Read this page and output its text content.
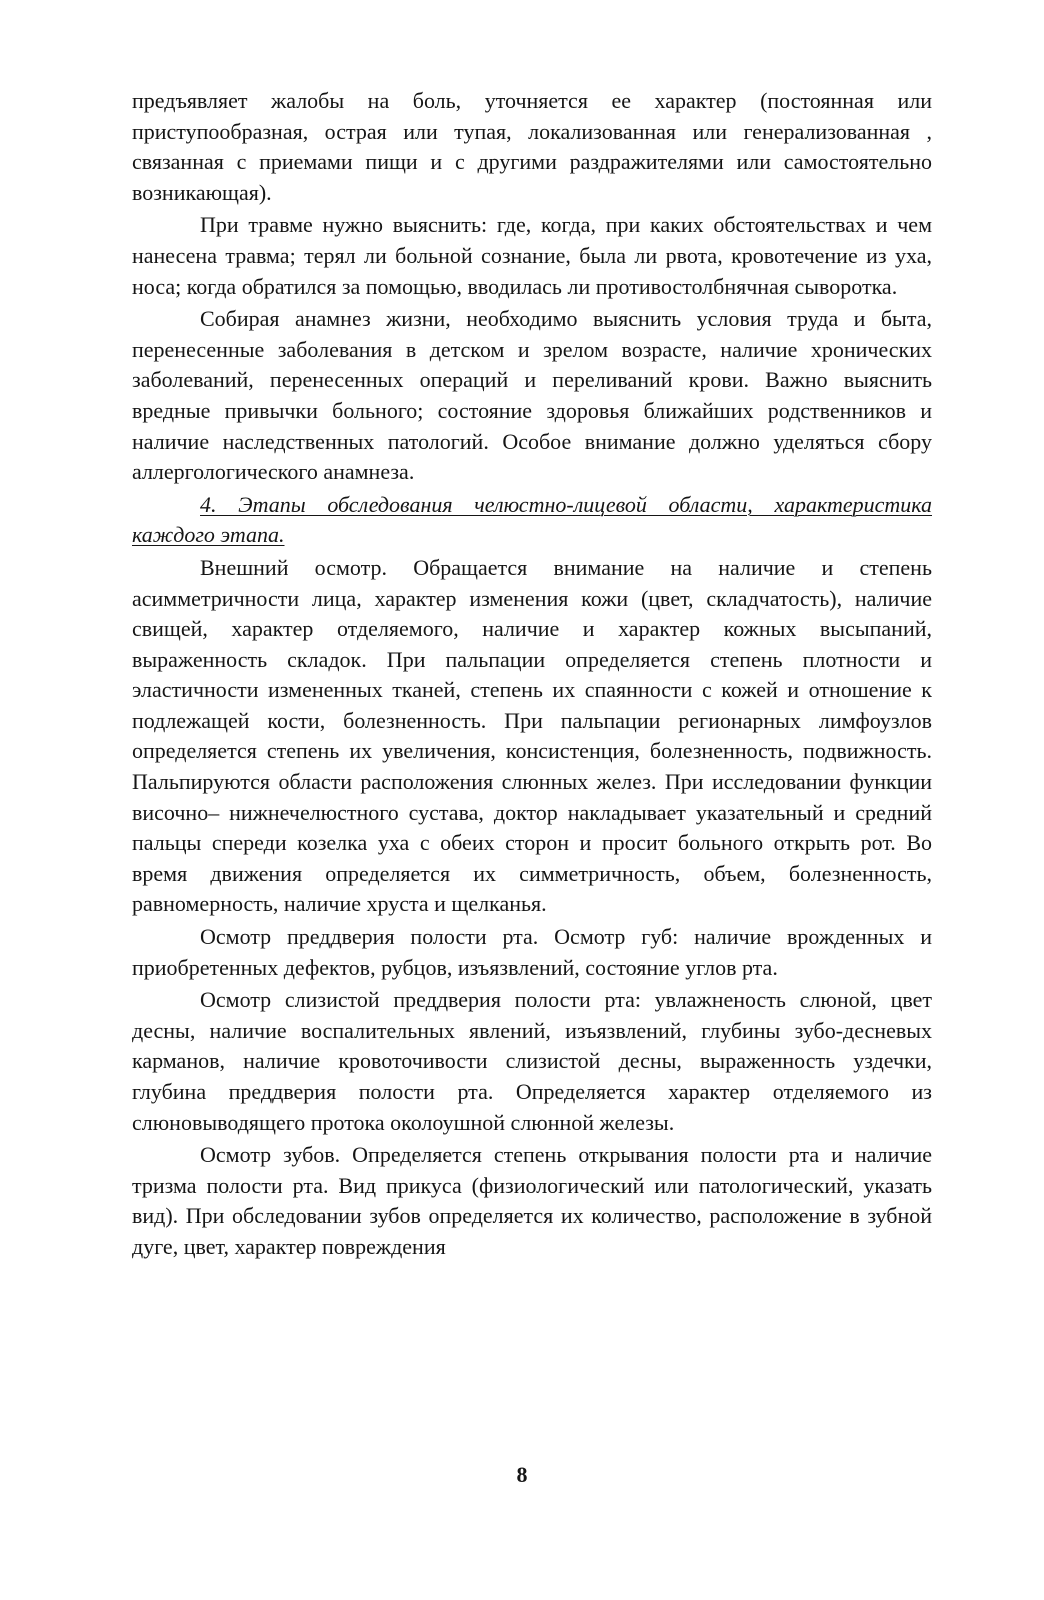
предъявляет жалобы на боль, уточняется ее характер (постоянная или приступообразная, острая или тупая, локализованная или генерализованная , связанная с приемами пищи и с другими раздражителями или самостоятельно возникающая).

При травме нужно выяснить: где, когда, при каких обстоятельствах и чем нанесена травма; терял ли больной сознание, была ли рвота, кровотечение из уха, носа; когда обратился за помощью, вводилась ли противостолбнячная сыворотка.

Собирая анамнез жизни, необходимо выяснить условия труда и быта, перенесенные заболевания в детском и зрелом возрасте, наличие хронических заболеваний, перенесенных операций и переливаний крови. Важно выяснить вредные привычки больного; состояние здоровья ближайших родственников и наличие наследственных патологий. Особое внимание должно уделяться сбору аллергологического анамнеза.

4. Этапы обследования челюстно-лицевой области, характеристика каждого этапа.

Внешний осмотр. Обращается внимание на наличие и степень асимметричности лица, характер изменения кожи (цвет, складчатость), наличие свищей, характер отделяемого, наличие и характер кожных высыпаний, выраженность складок. При пальпации определяется степень плотности и эластичности измененных тканей, степень их спаянности с кожей и отношение к подлежащей кости, болезненность. При пальпации регионарных лимфоузлов определяется степень их увеличения, консистенция, болезненность, подвижность. Пальпируются области расположения слюнных желез. При исследовании функции височно– нижнечелюстного сустава, доктор накладывает указательный и средний пальцы спереди козелка уха с обеих сторон и просит больного открыть рот. Во время движения определяется их симметричность, объем, болезненность, равномерность, наличие хруста и щелканья.

Осмотр преддверия полости рта. Осмотр губ: наличие врожденных и приобретенных дефектов, рубцов, изъязвлений, состояние углов рта.

Осмотр слизистой преддверия полости рта: увлажненость слюной, цвет десны, наличие воспалительных явлений, изъязвлений, глубины зубо-десневых карманов, наличие кровоточивости слизистой десны, выраженность уздечки, глубина преддверия полости рта. Определяется характер отделяемого из слюновыводящего протока околоушной слюнной железы.

Осмотр зубов. Определяется степень открывания полости рта и наличие тризма полости рта. Вид прикуса (физиологический или патологический, указать вид). При обследовании зубов определяется их количество, расположение в зубной дуге, цвет, характер повреждения

8
